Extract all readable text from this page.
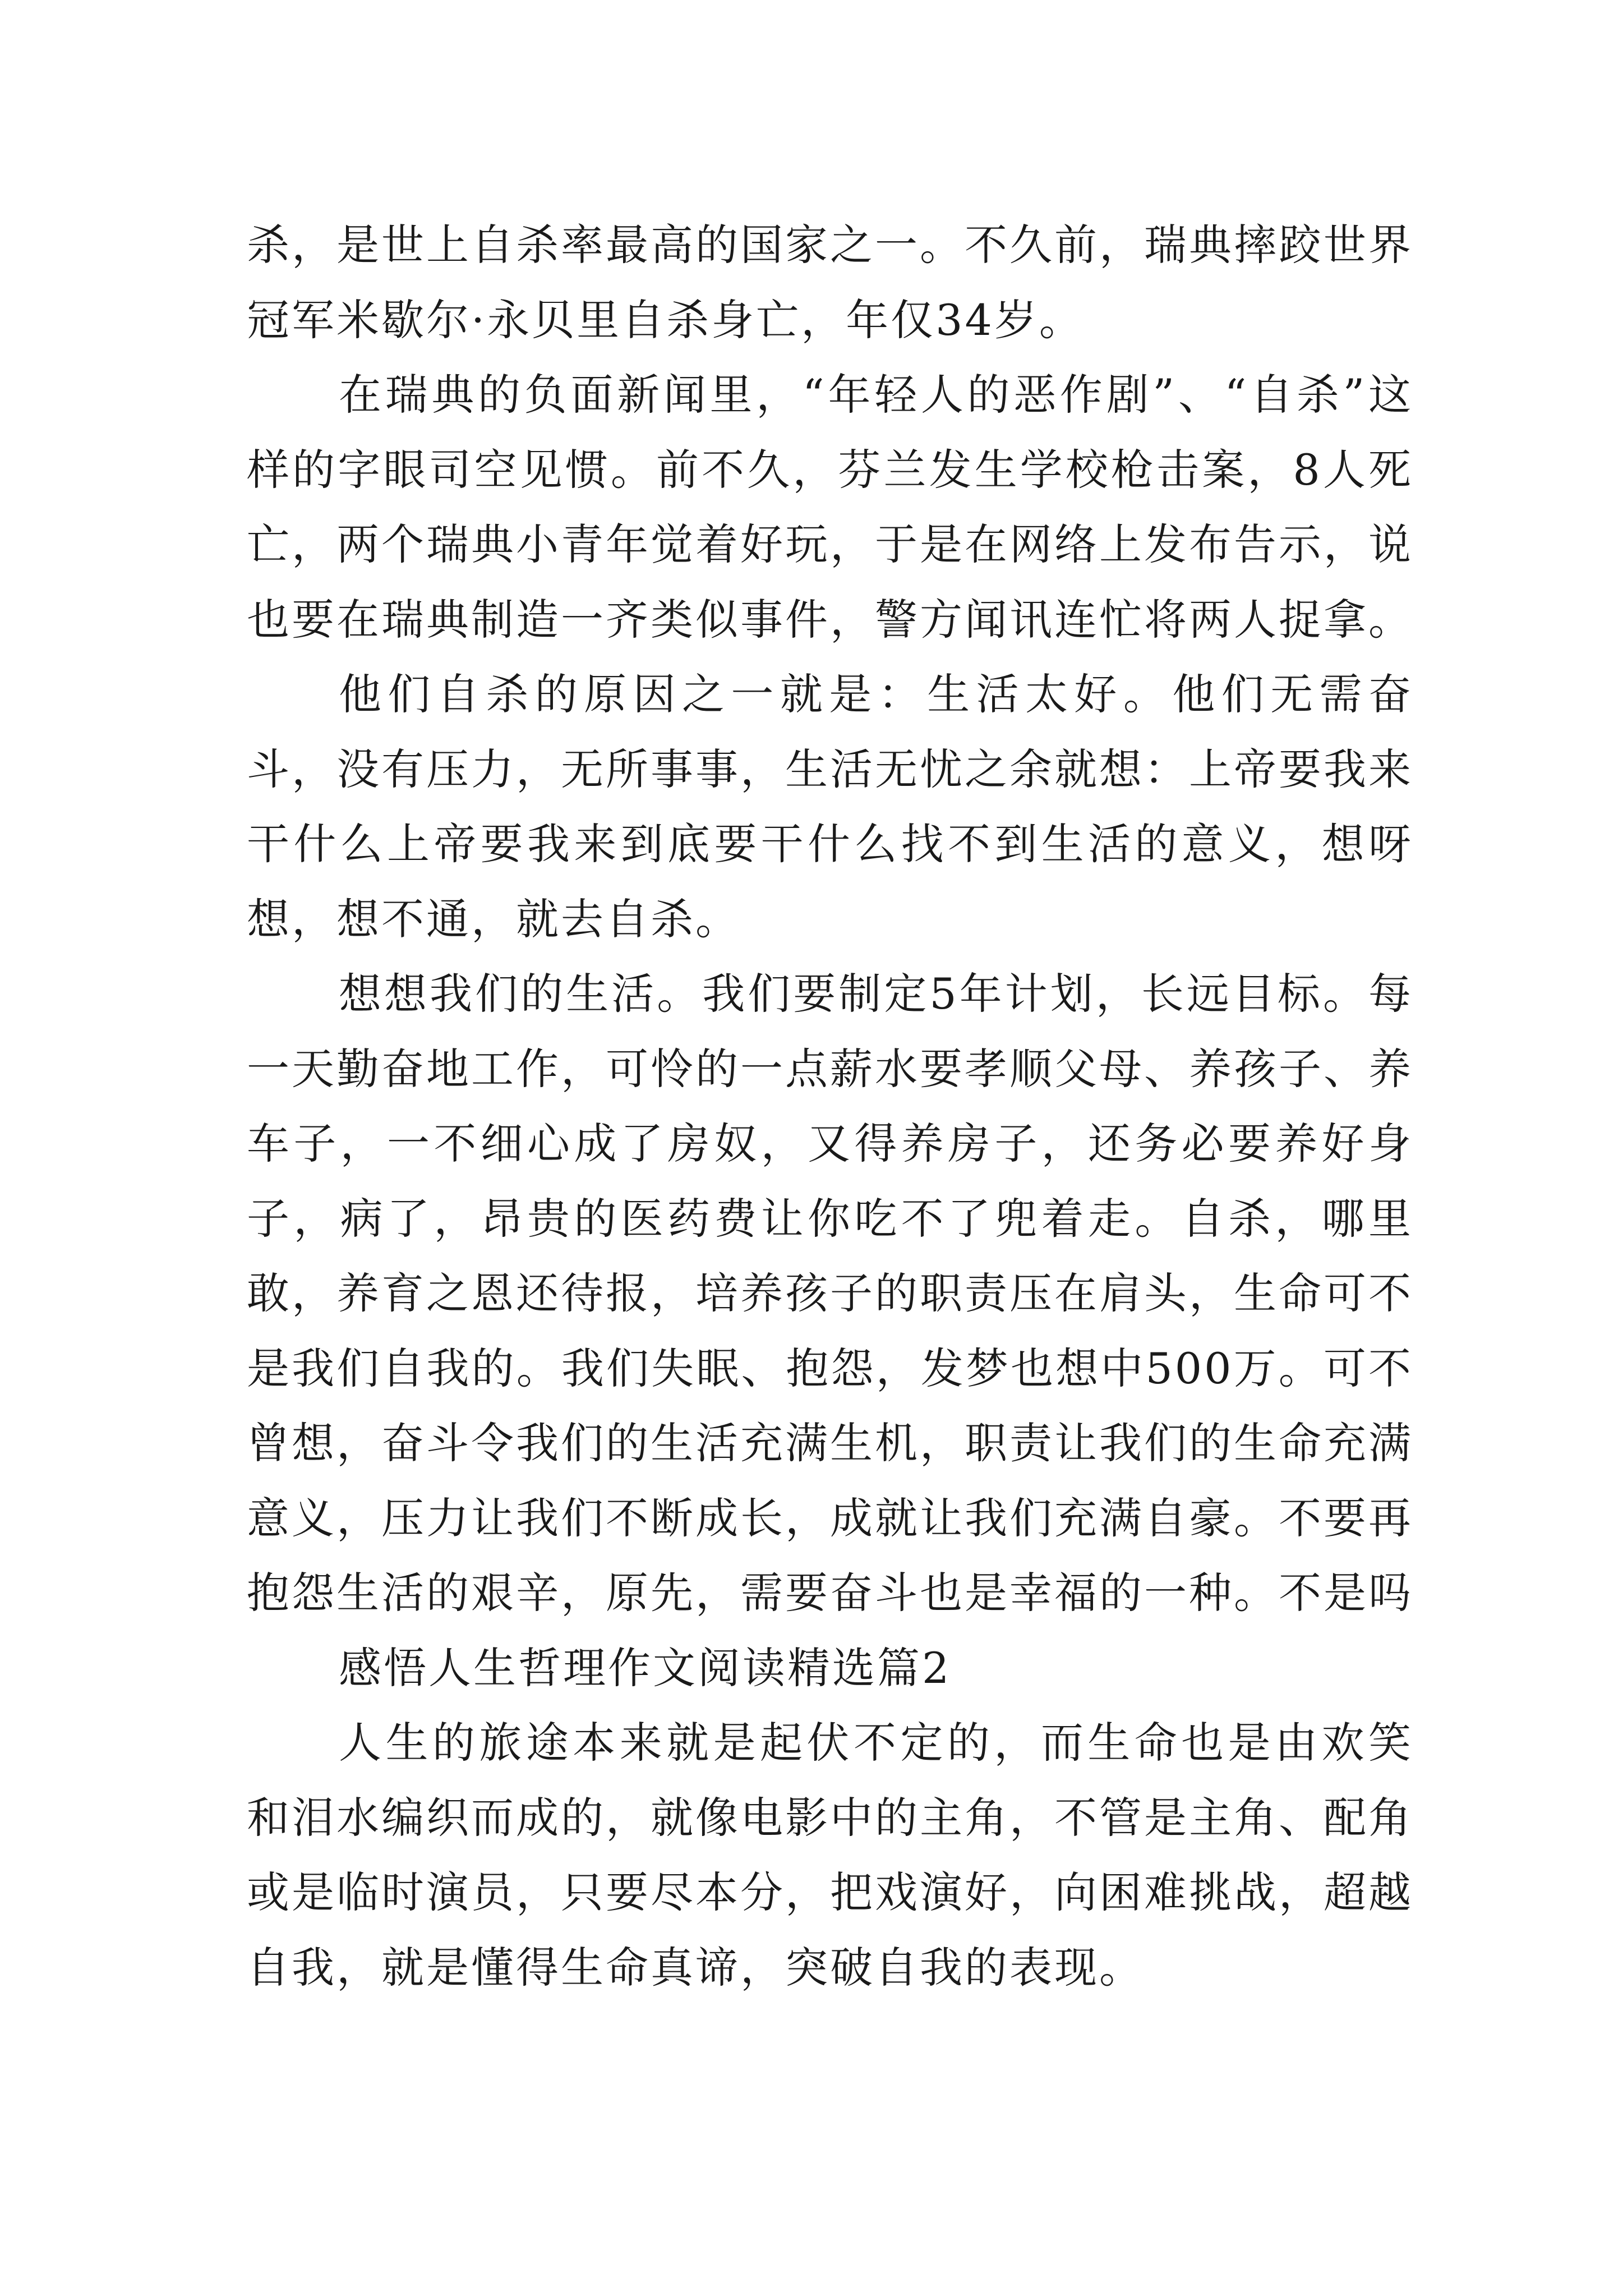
杀，是世上自杀率最高的国家之一。不久前，瑞典摔跤世界冠军米歇尔·永贝里自杀身亡，年仅34岁。

在瑞典的负面新闻里，“年轻人的恶作剧”、“自杀”这样的字眼司空见惯。前不久，芬兰发生学校枪击案，8人死亡，两个瑞典小青年觉着好玩，于是在网络上发布告示，说也要在瑞典制造一齐类似事件，警方闻讯连忙将两人捉拿。

他们自杀的原因之一就是：生活太好。他们无需奋斗，没有压力，无所事事，生活无忧之余就想：上帝要我来干什么上帝要我来到底要干什么找不到生活的意义，想呀想，想不通，就去自杀。

想想我们的生活。我们要制定5年计划，长远目标。每一天勤奋地工作，可怜的一点薪水要孝顺父母、养孩子、养车子，一不细心成了房奴，又得养房子，还务必要养好身子，病了，昂贵的医药费让你吃不了兜着走。自杀，哪里敢，养育之恩还待报，培养孩子的职责压在肩头，生命可不是我们自我的。我们失眠、抱怨，发梦也想中500万。可不曾想，奋斗令我们的生活充满生机，职责让我们的生命充满意义，压力让我们不断成长，成就让我们充满自豪。不要再抱怨生活的艰辛，原先，需要奋斗也是幸福的一种。不是吗

感悟人生哲理作文阅读精选篇2

人生的旅途本来就是起伏不定的，而生命也是由欢笑和泪水编织而成的，就像电影中的主角，不管是主角、配角或是临时演员，只要尽本分，把戏演好，向困难挑战，超越自我，就是懂得生命真谛，突破自我的表现。
